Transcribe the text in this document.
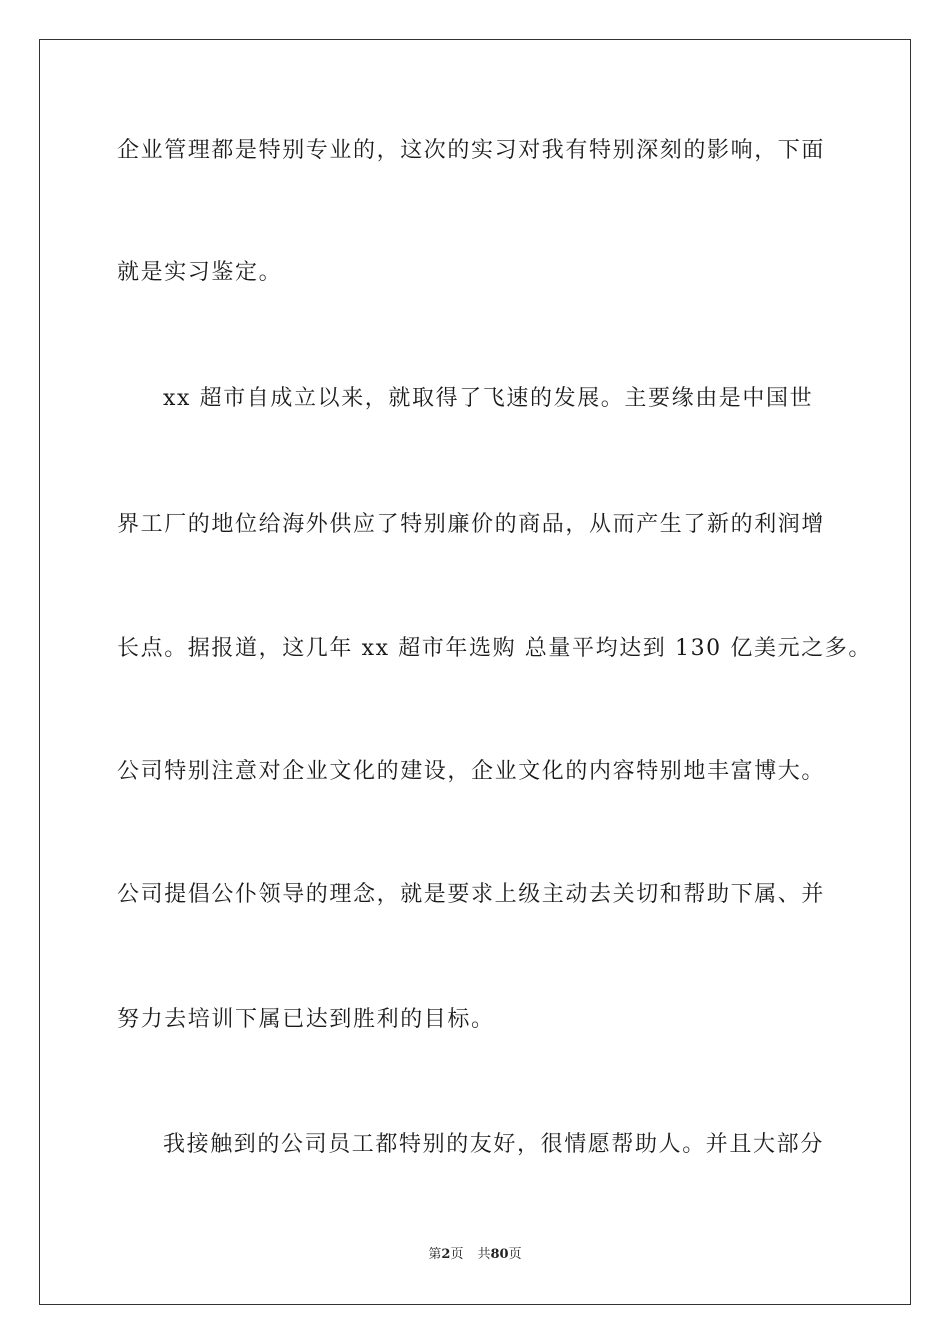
企业管理都是特别专业的，这次的实习对我有特别深刻的影响，下面
就是实习鉴定。
xx 超市自成立以来，就取得了飞速的发展。主要缘由是中国世
界工厂的地位给海外供应了特别廉价的商品，从而产生了新的利润增
长点。据报道，这几年 xx 超市年选购 总量平均达到 130 亿美元之多。
公司特别注意对企业文化的建设，企业文化的内容特别地丰富博大。
公司提倡公仆领导的理念，就是要求上级主动去关切和帮助下属、并
努力去培训下属已达到胜利的目标。
我接触到的公司员工都特别的友好，很情愿帮助人。并且大部分
第2页 共80页
